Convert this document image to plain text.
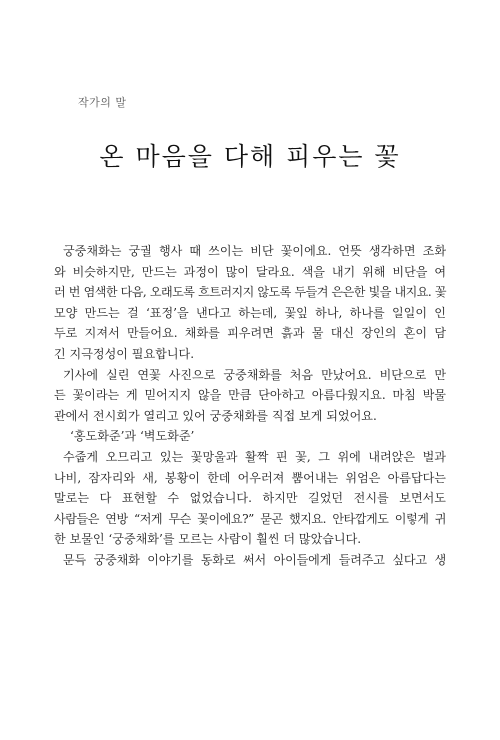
작가의 말
온 마음을 다해 피우는 꽃

궁중채화는 궁궐 행사 때 쓰이는 비단 꽃이에요. 언뜻 생각하면 조화
와 비슷하지만, 만드는 과정이 많이 달라요. 색을 내기 위해 비단을 여
러 번 염색한 다음, 오래도록 흐트러지지 않도록 두들겨 은은한 빛을 내지요. 꽃
모양 만드는 걸 ‘표정’을 낸다고 하는데, 꽃잎 하나, 하나를 일일이 인
두로 지져서 만들어요. 채화를 피우려면 흙과 물 대신 장인의 혼이 담
긴 지극정성이 필요합니다.

기사에 실린 연꽃 사진으로 궁중채화를 처음 만났어요. 비단으로 만
든 꽃이라는 게 믿어지지 않을 만큼 단아하고 아름다웠지요. 마침 박물
관에서 전시회가 열리고 있어 궁중채화를 직접 보게 되었어요.

‘홍도화준’과 ‘벽도화준’

수줍게 오므리고 있는 꽃망울과 활짝 핀 꽃, 그 위에 내려앉은 벌과
나비, 잠자리와 새, 봉황이 한데 어우러져 뿜어내는 위엄은 아름답다는
말로는 다 표현할 수 없었습니다. 하지만 길었던 전시를 보면서도
사람들은 연방 “저게 무슨 꽃이에요?” 묻곤 했지요. 안타깝게도 이렇게 귀
한 보물인 ‘궁중채화’를 모르는 사람이 훨씬 더 많았습니다.

문득 궁중채화 이야기를 동화로 써서 아이들에게 들려주고 싶다고 생
